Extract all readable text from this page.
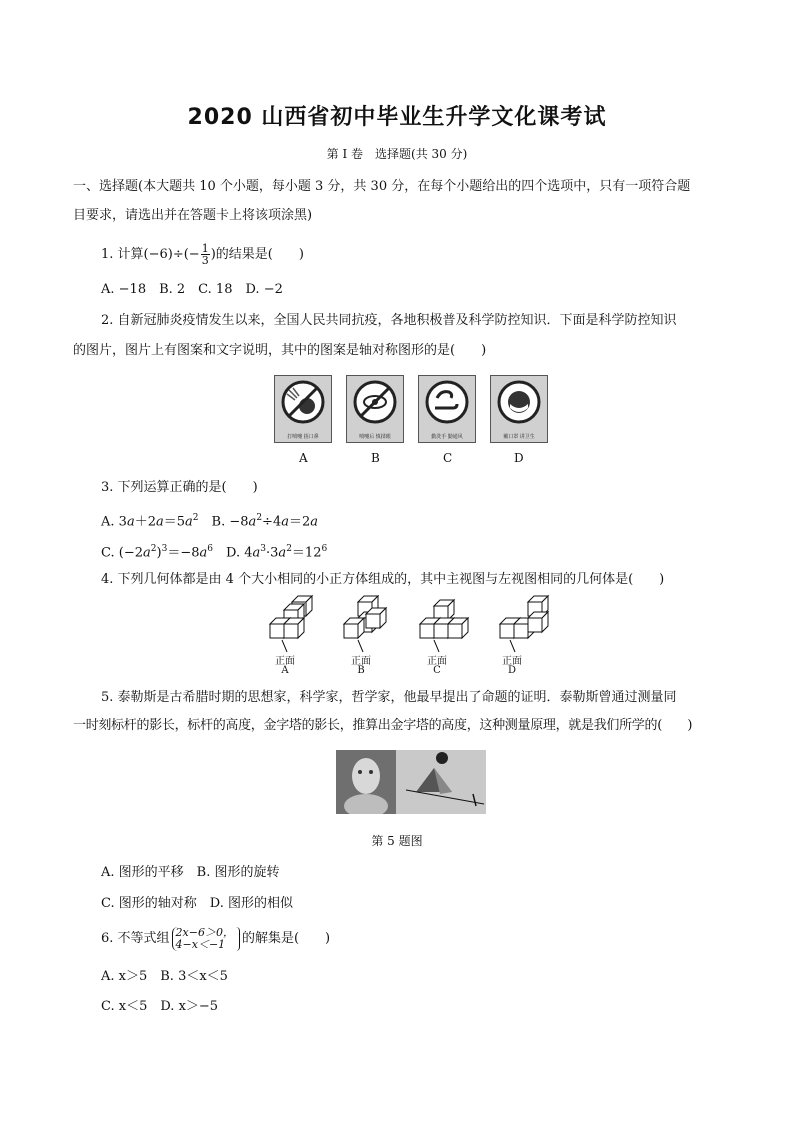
2020 山西省初中毕业生升学文化课考试
第 I 卷　选择题(共 30 分)
一、选择题(本大题共 10 个小题，每小题 3 分，共 30 分，在每个小题给出的四个选项中，只有一项符合题
目要求，请选出并在答题卡上将该项涂黑)
1. 计算$(-6)\div(- \frac{1}{3}$ )的结果是(　　)
A. −18　B. 2　C. 18　D. −2
2. 自新冠肺炎疫情发生以来，全国人民共同抗疫，各地积极普及科学防控知识．下面是科学防控知识
的图片，图片上有图案和文字说明，其中的图案是轴对称图形的是(　　)
打喷嚏 捂口鼻	喷嚏后 慎揉眼	勤洗手 勤通风	戴口罩 讲卫生
A	B	C	D
3. 下列运算正确的是(　　)
A. $3a+2a=5a^2$　 B. $-8a^2\div 4a=2a$
C. $(-2a^2)^3=-8a^6$　 D. $4a^3\cdot 3a^2=12^6$
4. 下列几何体都是由 4 个大小相同的小正方体组成的，其中主视图与左视图相同的几何体是(　　)
正面	正面	正面	正面
A	B	C	D
5. 泰勒斯是古希腊时期的思想家，科学家，哲学家，他最早提出了命题的证明．泰勒斯曾通过测量同
一时刻标杆的影长，标杆的高度，金字塔的影长，推算出金字塔的高度，这种测量原理，就是我们所学的(　　)
第 5 题图
A. 图形的平移　B. 图形的旋转
C. 图形的轴对称　D. 图形的相似
6. 不等式组 2x−6＞0，
4−x＜−1	的解集是(　　)
A. x＞5　B. 3＜x＜5
C. x＜5　D. x＞−5
